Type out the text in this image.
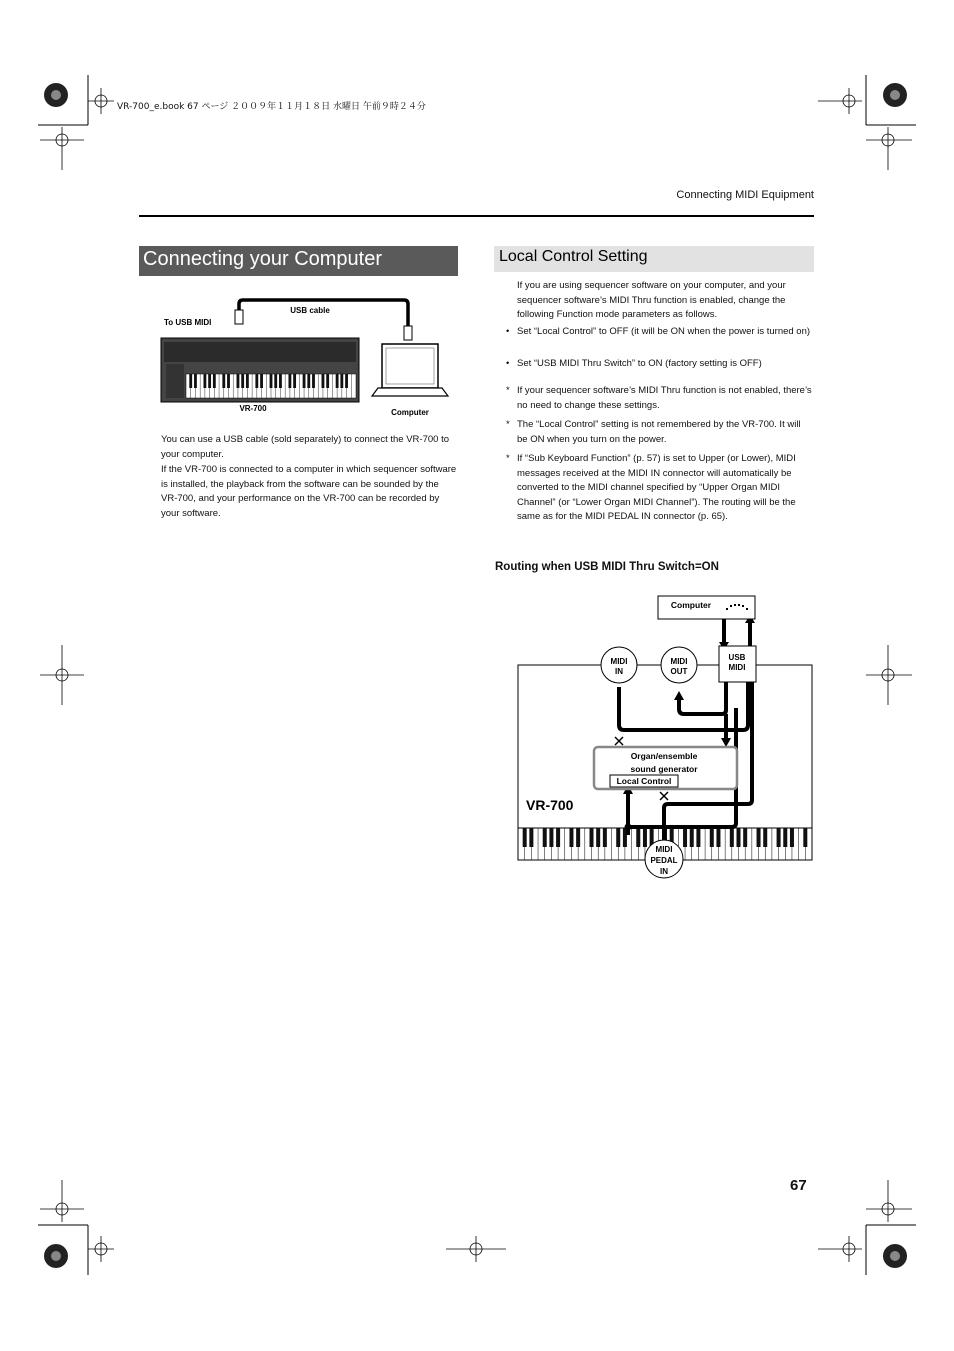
VR-700_e.book 67 ページ ２００９年１１月１８日 水曜日 午前９時２４分
Connecting MIDI Equipment
Connecting your Computer
USB cable
To USB MIDI
VR-700	Computer
You can use a USB cable (sold separately) to connect the VR-700 to your computer.
If the VR-700 is connected to a computer in which sequencer software is installed, the playback from the software can be sounded by the VR-700, and your performance on the VR-700 can be recorded by your software.
Local Control Setting
If you are using sequencer software on your computer, and your sequencer software’s MIDI Thru function is enabled, change the following Function mode parameters as follows.
• Set “Local Control” to OFF (it will be ON when the power is turned on)
• Set “USB MIDI Thru Switch” to ON (factory setting is OFF)
* If your sequencer software’s MIDI Thru function is not enabled, there’s no need to change these settings.
* The “Local Control” setting is not remembered by the VR-700. It will be ON when you turn on the power.
* If “Sub Keyboard Function” (p. 57) is set to Upper (or Lower), MIDI messages received at the MIDI IN connector will automatically be converted to the MIDI channel specified by “Upper Organ MIDI Channel” (or “Lower Organ MIDI Channel”). The routing will be the same as for the MIDI PEDAL IN connector (p. 65).
Routing when USB MIDI Thru Switch=ON
VR-700
Computer
USB
MIDI
MIDI
IN
MIDI
OUT
Organ/ensemble
sound generator
Local Control
MIDI
PEDAL
IN
67
